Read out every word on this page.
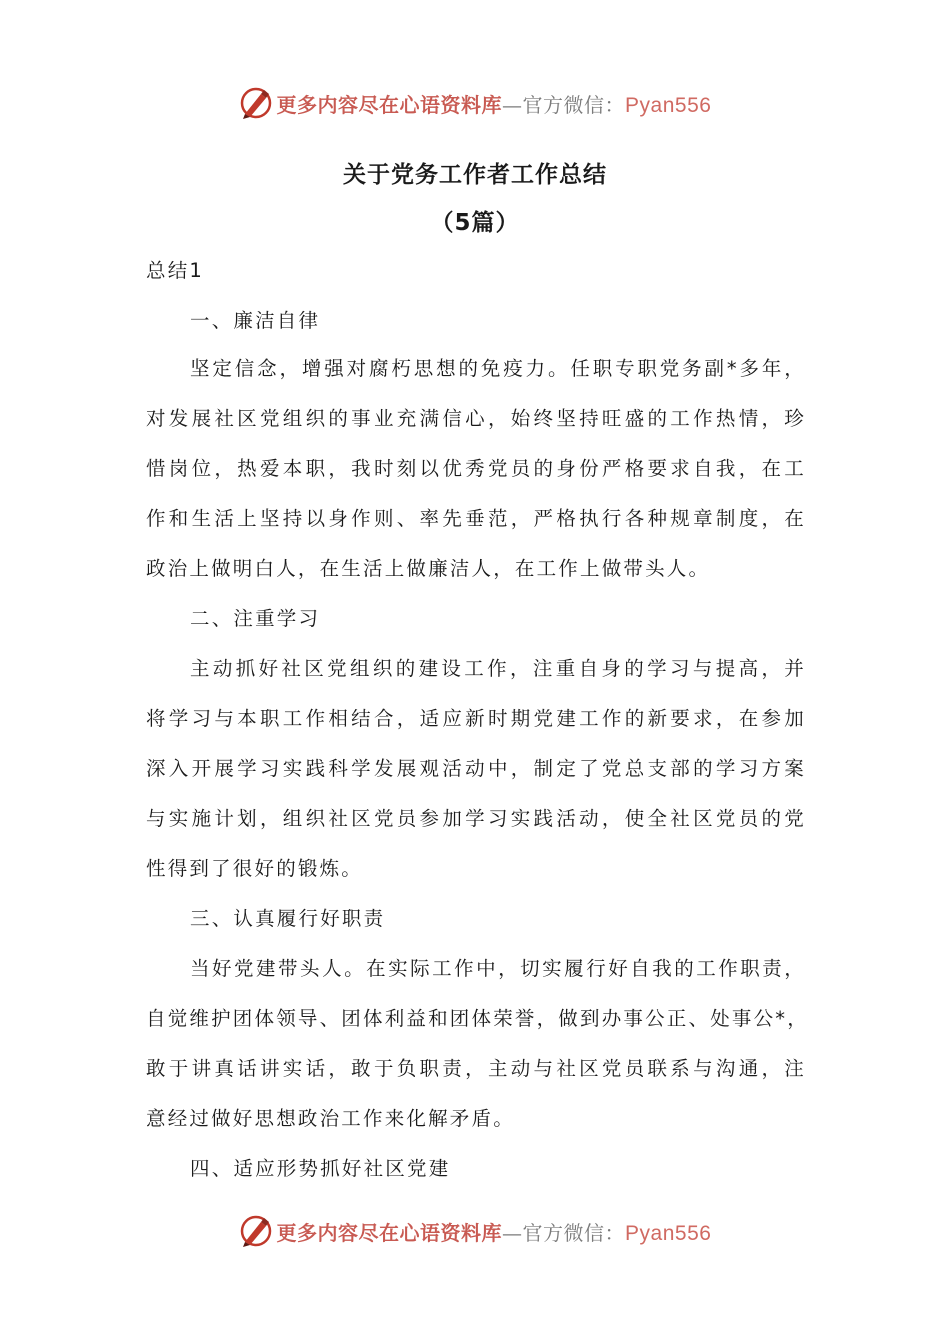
更多内容尽在心语资料库 —官方微信： Pyan556
关于党务工作者工作总结
（5篇）
总结1
一、廉洁自律
坚定信念，增强对腐朽思想的免疫力。任职专职党务副*多年，
对发展社区党组织的事业充满信心，始终坚持旺盛的工作热情，珍
惜岗位，热爱本职，我时刻以优秀党员的身份严格要求自我，在工
作和生活上坚持以身作则、率先垂范，严格执行各种规章制度，在
政治上做明白人，在生活上做廉洁人，在工作上做带头人。
二、注重学习
主动抓好社区党组织的建设工作，注重自身的学习与提高，并
将学习与本职工作相结合，适应新时期党建工作的新要求，在参加
深入开展学习实践科学发展观活动中，制定了党总支部的学习方案
与实施计划，组织社区党员参加学习实践活动，使全社区党员的党
性得到了很好的锻炼。
三、认真履行好职责
当好党建带头人。在实际工作中，切实履行好自我的工作职责，
自觉维护团体领导、团体利益和团体荣誉，做到办事公正、处事公*，
敢于讲真话讲实话，敢于负职责，主动与社区党员联系与沟通，注
意经过做好思想政治工作来化解矛盾。
四、适应形势抓好社区党建
更多内容尽在心语资料库 —官方微信： Pyan556
